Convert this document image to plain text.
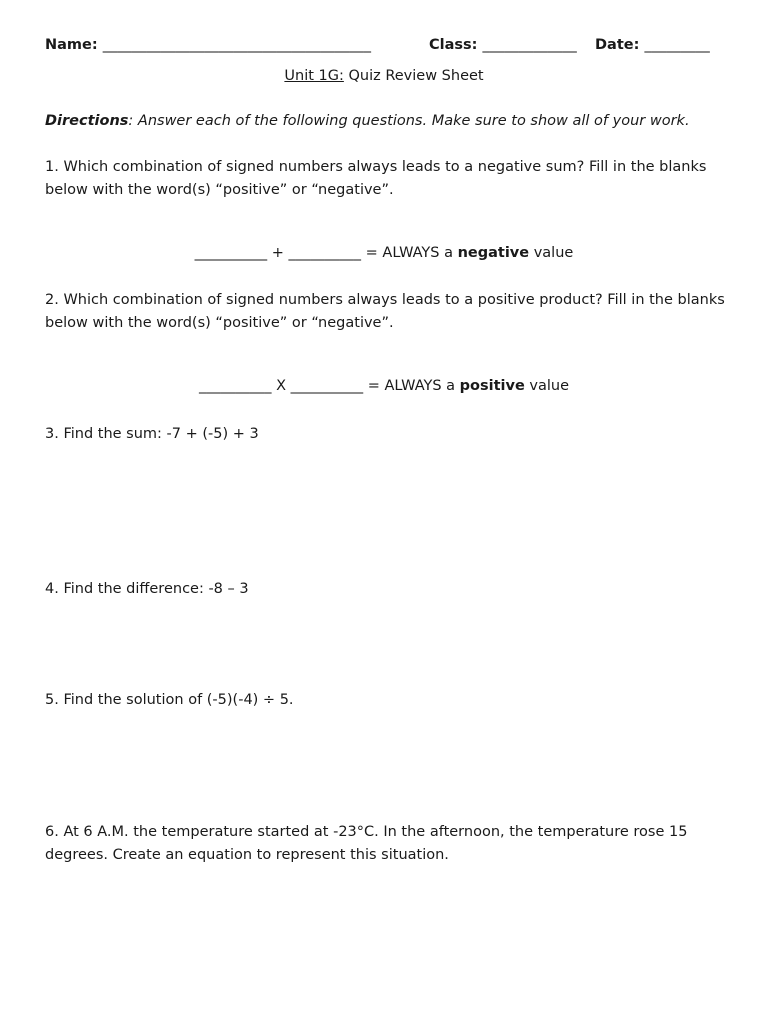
Name: _____________________________________	Class: _____________ Date: _________
Unit 1G: Quiz Review Sheet
Directions: Answer each of the following questions. Make sure to show all of your work.
1. Which combination of signed numbers always leads to a negative sum? Fill in the blanks below with the word(s) “positive” or “negative”.
__________ + __________ = ALWAYS a negative value
2. Which combination of signed numbers always leads to a positive product? Fill in the blanks below with the word(s) “positive” or “negative”.
__________ X __________ = ALWAYS a positive value
3. Find the sum: -7 + (-5) + 3
4. Find the difference: -8 – 3
5. Find the solution of (-5)(-4) ÷ 5.
6. At 6 A.M. the temperature started at -23°C. In the afternoon, the temperature rose 15 degrees. Create an equation to represent this situation.
